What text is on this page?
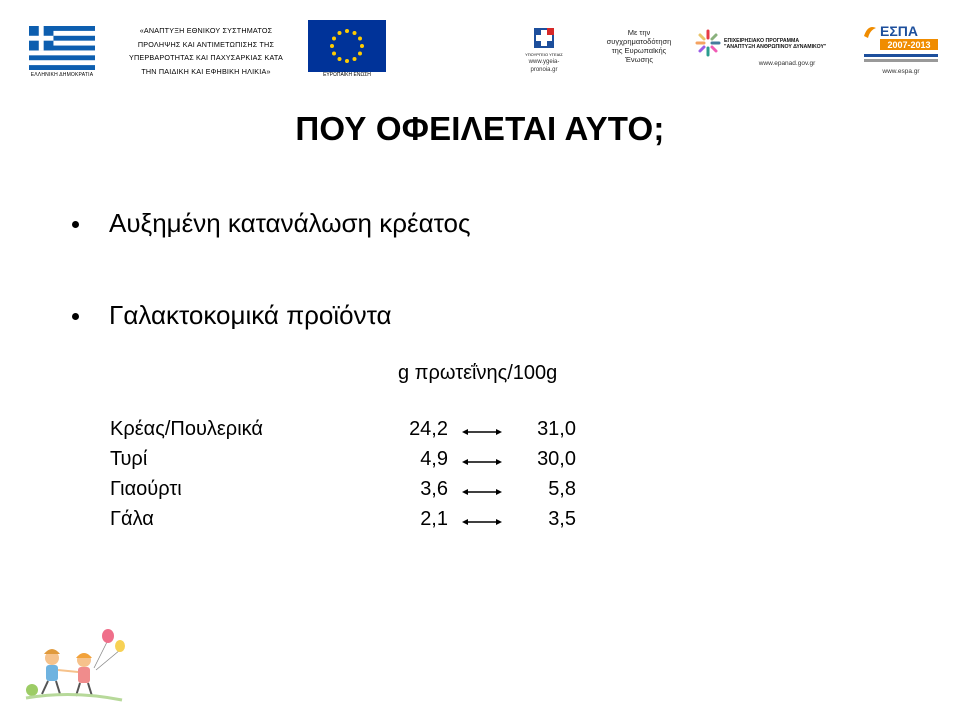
ΕΛΛΗΝΙΚΗ ΔΗΜΟΚΡΑΤΙΑ
«ΑΝΑΠΤΥΞΗ ΕΘΝΙΚΟΥ ΣΥΣΤΗΜΑΤΟΣ
ΠΡΟΛΗΨΗΣ ΚΑΙ ΑΝΤΙΜΕΤΩΠΙΣΗΣ ΤΗΣ
ΥΠΕΡΒΑΡΟΤΗΤΑΣ ΚΑΙ ΠΑΧΥΣΑΡΚΙΑΣ ΚΑΤΑ
ΤΗΝ ΠΑΙΔΙΚΗ ΚΑΙ ΕΦΗΒΙΚΗ ΗΛΙΚΙΑ»	ΕΥΡΩΠΑΪΚΗ ΕΝΩΣΗ
ΥΠΟΥΡΓΕΙΟ ΥΓΕΙΑΣ
www.ygeia-
pronoia.gr
Με την
συγχρηματοδότηση
της Ευρωπαϊκής
Ένωσης
ΕΠΙΧΕΙΡΗΣΙΑΚΟ ΠΡΟΓΡΑΜΜΑ
"ΑΝΑΠΤΥΞΗ ΑΝΘΡΩΠΙΝΟΥ ΔΥΝΑΜΙΚΟΥ"
www.epanad.gov.gr
ΕΣΠΑ
2007-2013
www.espa.gr
ΠΟΥ ΟΦΕΙΛΕΤΑΙ ΑΥΤΟ;
Αυξημένη κατανάλωση κρέατος
Γαλακτοκομικά προϊόντα
g πρωτεΐνης/100g
Κρέας/Πουλερικά	24,2	31,0
Τυρί	4,9	30,0
Γιαούρτι	3,6	5,8
Γάλα	2,1	3,5
